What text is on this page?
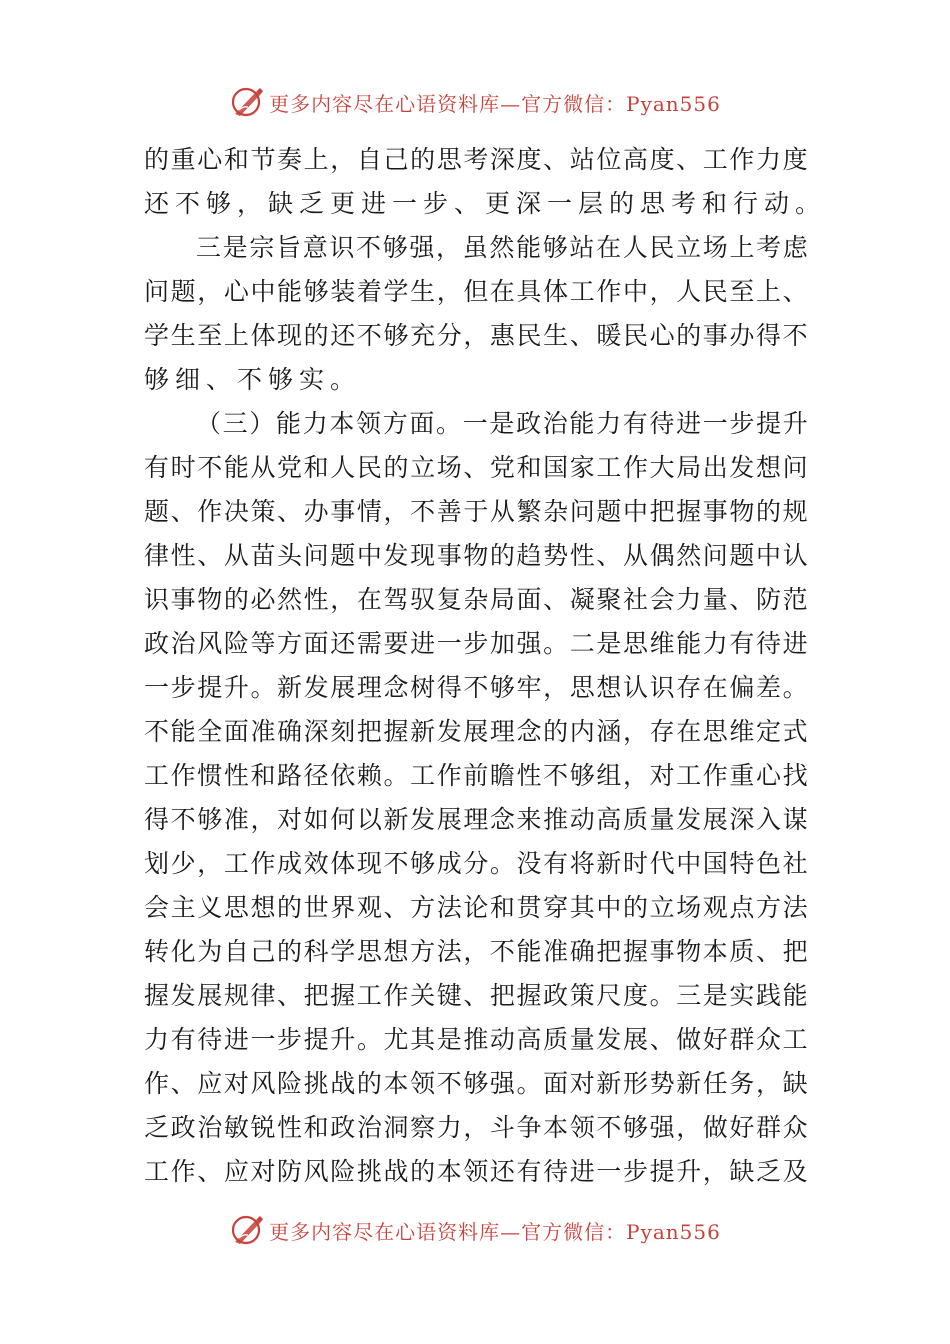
更多内容尽在心语资料库—官方微信：Pyan556
的 重 心 和 节 奏 上 ， 自 己 的 思 考 深 度 、 站 位 高 度 、 工 作 力 度
还不够，缺乏更进一步、更深一层的思考和行动。
三 是 宗 旨 意 识 不 够 强 ， 虽 然 能 够 站 在 人 民 立 场 上 考 虑
问 题 ， 心 中 能 够 装 着 学 生 ， 但 在 具 体 工 作 中 ， 人 民 至 上 、
学 生 至 上 体 现 的 还 不 够 充 分 ， 惠 民 生 、 暖 民 心 的 事 办 得 不
够细、不够实。
（ 三 ） 能 力 本 领 方 面 。 一 是 政 治 能 力 有 待 进 一 步 提 升
有 时 不 能 从 党 和 人 民 的 立 场 、 党 和 国 家 工 作 大 局 出 发 想 问
题 、 作 决 策 、 办 事 情 ， 不 善 于 从 繁 杂 问 题 中 把 握 事 物 的 规
律 性 、 从 苗 头 问 题 中 发 现 事 物 的 趋 势 性 、 从 偶 然 问 题 中 认
识 事 物 的 必 然 性 ， 在 驾 驭 复 杂 局 面 、 凝 聚 社 会 力 量 、 防 范
政 治 风 险 等 方 面 还 需 要 进 一 步 加 强 。 二 是 思 维 能 力 有 待 进
一 步 提 升 。 新 发 展 理 念 树 得 不 够 牢 ， 思 想 认 识 存 在 偏 差 。
不 能 全 面 准 确 深 刻 把 握 新 发 展 理 念 的 内 涵 ， 存 在 思 维 定 式
工 作 惯 性 和 路 径 依 赖 。 工 作 前 瞻 性 不 够 组 ， 对 工 作 重 心 找
得 不 够 准 ， 对 如 何 以 新 发 展 理 念 来 推 动 高 质 量 发 展 深 入 谋
划 少 ， 工 作 成 效 体 现 不 够 成 分 。 没 有 将 新 时 代 中 国 特 色 社
会 主 义 思 想 的 世 界 观 、 方 法 论 和 贯 穿 其 中 的 立 场 观 点 方 法
转 化 为 自 己 的 科 学 思 想 方 法 ， 不 能 准 确 把 握 事 物 本 质 、 把
握 发 展 规 律 、 把 握 工 作 关 键 、 把 握 政 策 尺 度 。 三 是 实 践 能
力 有 待 进 一 步 提 升 。 尤 其 是 推 动 高 质 量 发 展 、 做 好 群 众 工
作 、 应 对 风 险 挑 战 的 本 领 不 够 强 。 面 对 新 形 势 新 任 务 ， 缺
乏 政 治 敏 锐 性 和 政 治 洞 察 力 ， 斗 争 本 领 不 够 强 ， 做 好 群 众
工 作 、 应 对 防 风 险 挑 战 的 本 领 还 有 待 进 一 步 提 升 ， 缺 乏 及
更多内容尽在心语资料库—官方微信：Pyan556
